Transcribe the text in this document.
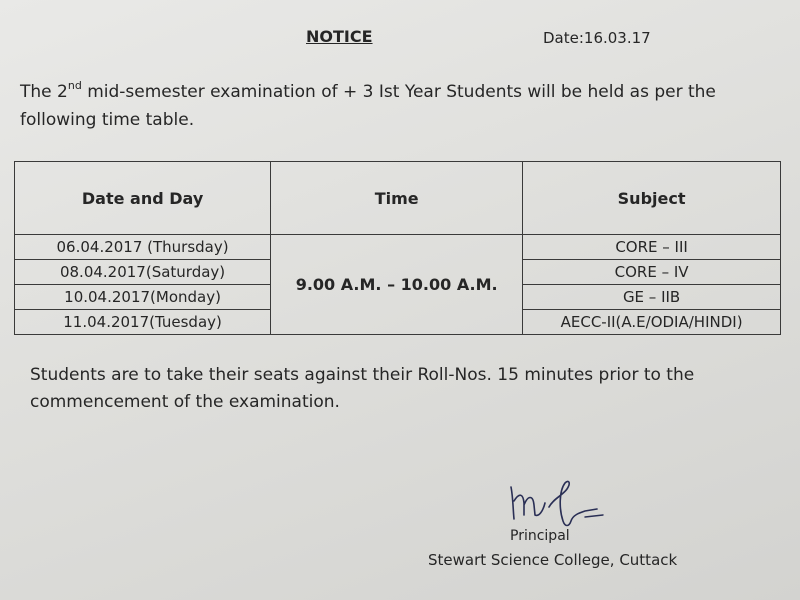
NOTICE	Date:16.03.17
The 2nd mid-semester examination of + 3 Ist Year Students will be held as per the following time table.
Date and Day	Time	Subject
06.04.2017 (Thursday)	9.00 A.M. – 10.00 A.M.	CORE – III
08.04.2017(Saturday)		CORE – IV
10.04.2017(Monday)		GE – IIB
11.04.2017(Tuesday)		AECC-II(A.E/ODIA/HINDI)
Students are to take their seats against their Roll-Nos. 15 minutes prior to the commencement of the examination.
Principal
Stewart Science College, Cuttack
